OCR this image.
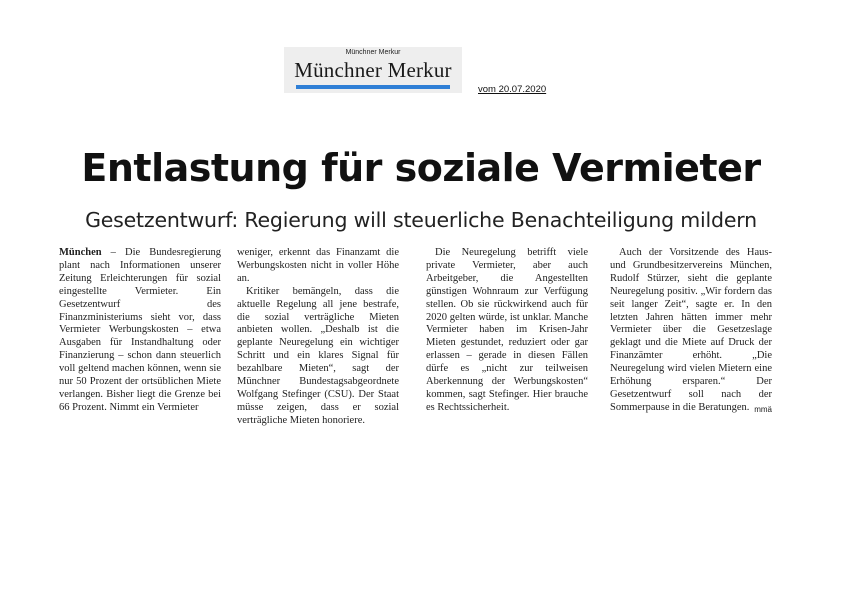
Münchner Merkur
Münchner Merkur
vom 20.07.2020
Entlastung für soziale Vermieter
Gesetzentwurf: Regierung will steuerliche Benachteiligung mildern

München – Die Bundesregierung plant nach Informationen unserer Zeitung Erleichterungen für sozial eingestellte Vermieter. Ein Gesetzentwurf des Finanzministeriums sieht vor, dass Vermieter Werbungskosten – etwa Ausgaben für Instandhaltung oder Finanzierung – schon dann steuerlich voll geltend machen können, wenn sie nur 50 Prozent der ortsüblichen Miete verlangen. Bisher liegt die Grenze bei 66 Prozent. Nimmt ein Vermieter

weniger, erkennt das Finanzamt die Werbungskosten nicht in voller Höhe an.

Kritiker bemängeln, dass die aktuelle Regelung all jene bestrafe, die sozial verträgliche Mieten anbieten wollen. „Deshalb ist die geplante Neuregelung ein wichtiger Schritt und ein klares Signal für bezahlbare Mieten“, sagt der Münchner Bundestagsabgeordnete Wolfgang Stefinger (CSU). Der Staat müsse zeigen, dass er sozial verträgliche Mieten honoriere.

Die Neuregelung betrifft viele private Vermieter, aber auch Arbeitgeber, die Angestellten günstigen Wohnraum zur Verfügung stellen. Ob sie rückwirkend auch für 2020 gelten würde, ist unklar. Manche Vermieter haben im Krisen-Jahr Mieten gestundet, reduziert oder gar erlassen – gerade in diesen Fällen dürfe es „nicht zur teilweisen Aberkennung der Werbungskosten“ kommen, sagt Stefinger. Hier brauche es Rechtssicherheit.

Auch der Vorsitzende des Haus- und Grundbesitzervereins München, Rudolf Stürzer, sieht die geplante Neuregelung positiv. „Wir fordern das seit langer Zeit“, sagte er. In den letzten Jahren hätten immer mehr Vermieter über die Gesetzeslage geklagt und die Miete auf Druck der Finanzämter erhöht. „Die Neuregelung wird vielen Mietern eine Erhöhung ersparen.“ Der Gesetzentwurf soll nach der Sommerpause in die Beratungen. mmä
